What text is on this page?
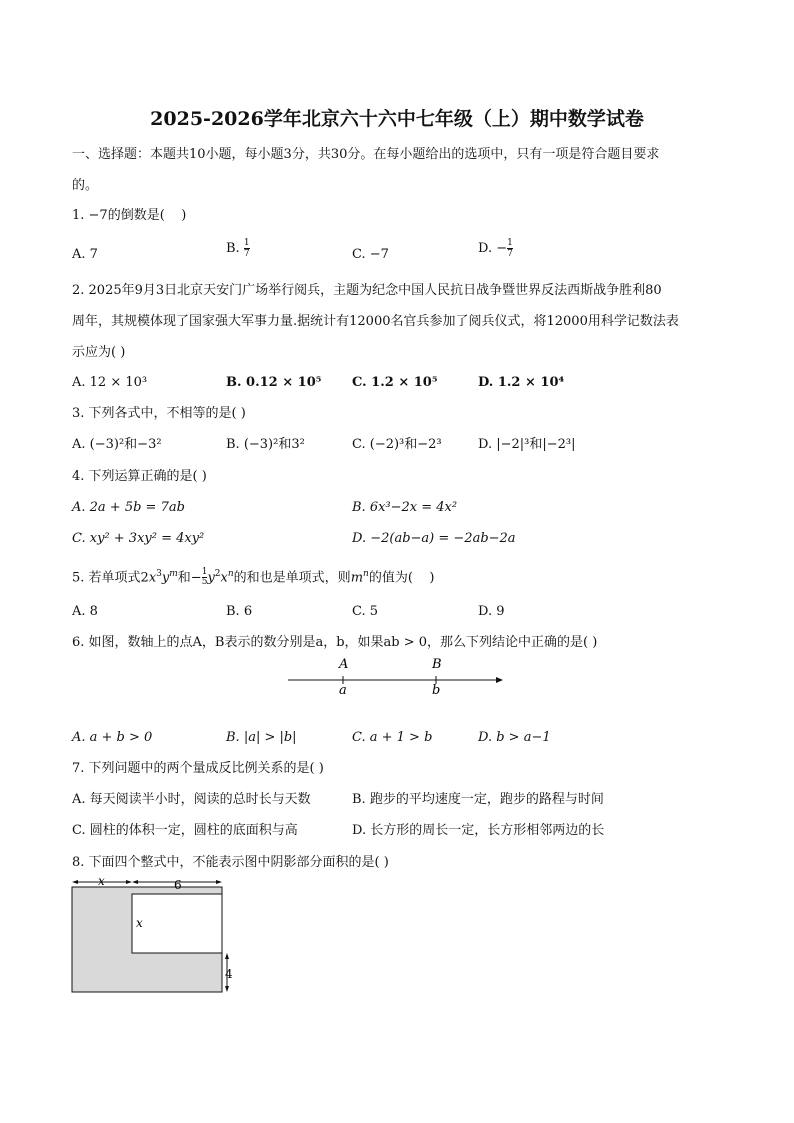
2025-2026学年北京六十六中七年级（上）期中数学试卷
一、选择题：本题共10小题，每小题3分，共30分。在每小题给出的选项中，只有一项是符合题目要求
的。
1. −7的倒数是(    )
A. 7	B. $\frac{1}{7}$	C. −7	D. − $\frac{1}{7}$
2. 2025年9月3日北京天安门广场举行阅兵，主题为纪念中国人民抗日战争暨世界反法西斯战争胜利80
周年，其规模体现了国家强大军事力量.据统计有12000名官兵参加了阅兵仪式，将12000用科学记数法表
示应为( )
A. 12 × 10³	B. 0.12 × 10⁵ C. 1.2 × 10⁵	D. 1.2 × 10⁴
3. 下列各式中，不相等的是( )
A. (−3)²和−3²	B. (−3)²和3²	C. (−2)³和−2³	D. |−2|³和|−2³|
4. 下列运算正确的是( )
A. 2a + 5b = 7ab	B. 6x³−2x = 4x²
C. xy² + 3xy² = 4xy²	D. −2(ab−a) = −2ab−2a
5. 若单项式$2x^3y^m$和− $\frac{1}{5} y^2x^n$的和也是单项式，则$m^n$的值为(    )
A. 8	B. 6	C. 5	D. 9
6. 如图，数轴上的点A，B表示的数分别是a，b，如果ab > 0，那么下列结论中正确的是( )
A
a
B
b
A. a + b > 0	B. |a| > |b|	C. a + 1 > b	D. b > a−1
7. 下列问题中的两个量成反比例关系的是( )
A. 每天阅读半小时，阅读的总时长与天数	B. 跑步的平均速度一定，跑步的路程与时间
C. 圆柱的体积一定，圆柱的底面积与高	D. 长方形的周长一定，长方形相邻两边的长
8. 下面四个整式中，不能表示图中阴影部分面积的是( )
x	6
x
4
